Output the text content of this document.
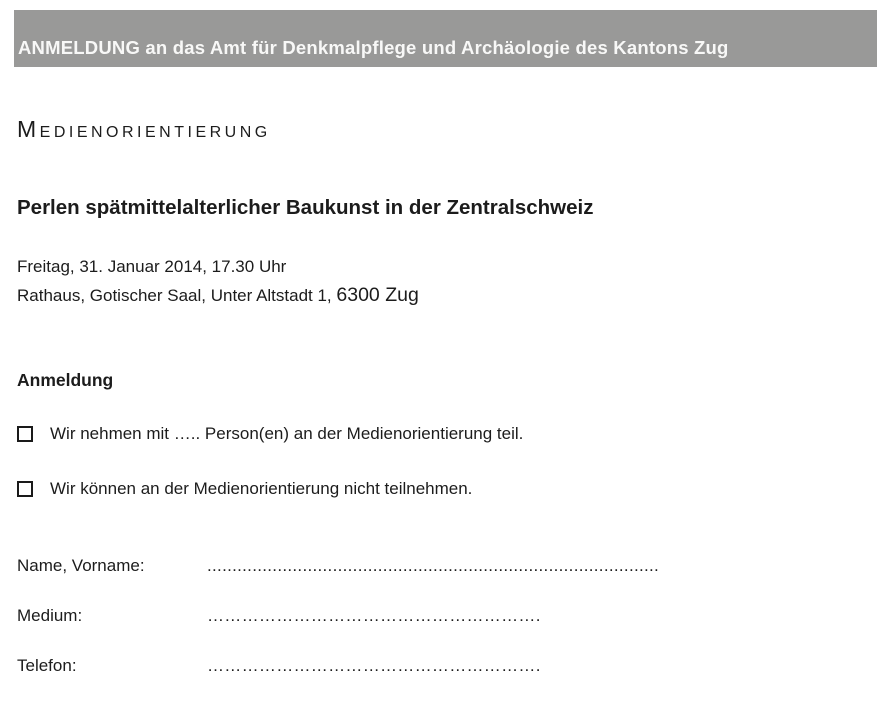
ANMELDUNG an das Amt für Denkmalpflege und Archäologie des Kantons Zug
Medienorientierung
Perlen spätmittelalterlicher Baukunst in der Zentralschweiz
Freitag, 31. Januar 2014, 17.30 Uhr
Rathaus, Gotischer Saal, Unter Altstadt 1, 6300 Zug
Anmeldung
Wir nehmen mit ….. Person(en) an der Medienorientierung teil.
Wir können an der Medienorientierung nicht teilnehmen.
Name, Vorname:	..........................................................................................
Medium:	………………………………………………….
Telefon:	………………………………………………….
